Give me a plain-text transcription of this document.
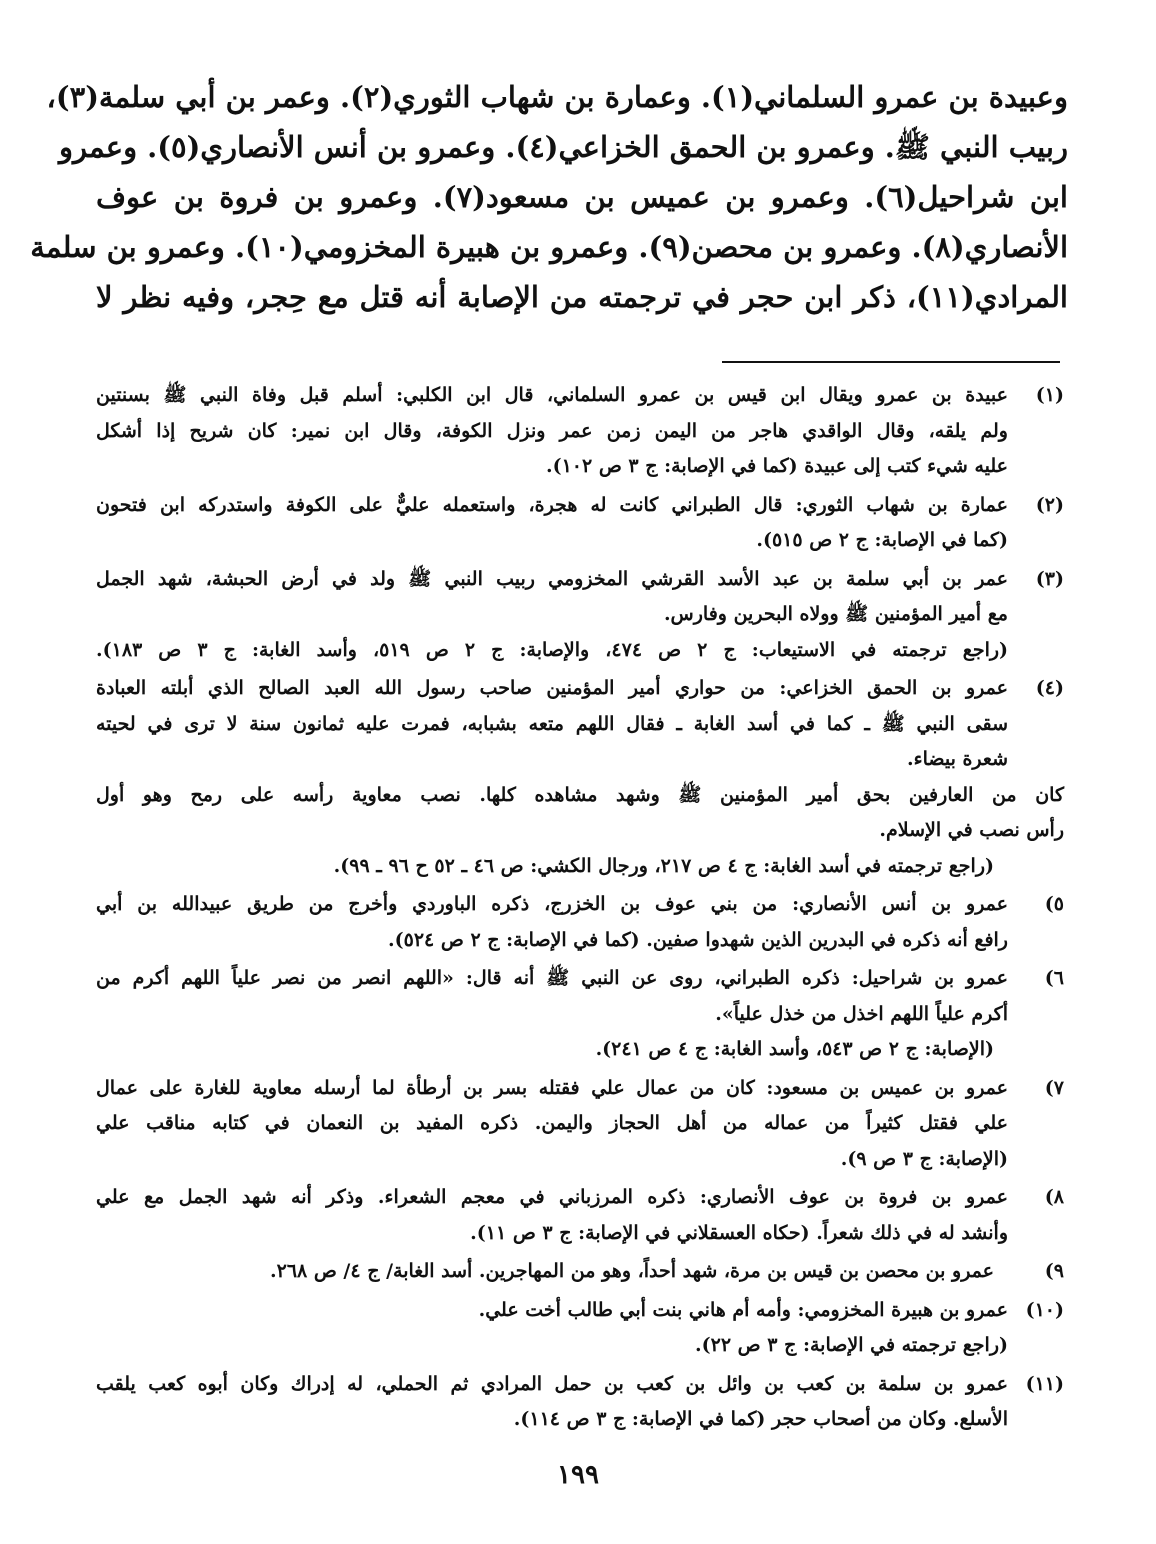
وعبيدة بن عمرو السلماني(١). وعمارة بن شهاب الثوري(٢). وعمر بن أبي سلمة(٣)،
ربيب النبي ﷺ. وعمرو بن الحمق الخزاعي(٤). وعمرو بن أنس الأنصاري(٥). وعمرو
ابن شراحيل(٦). وعمرو بن عميس بن مسعود(٧). وعمرو بن فروة بن عوف
الأنصاري(٨). وعمرو بن محصن(٩). وعمرو بن هبيرة المخزومي(١٠). وعمرو بن سلمة
المرادي(١١)، ذكر ابن حجر في ترجمته من الإصابة أنه قتل مع حِجر، وفيه نظر لا
(١)
عبيدة بن عمرو ويقال ابن قيس بن عمرو السلماني، قال ابن الكلبي: أسلم قبل وفاة النبي ﷺ بسنتين
ولم يلقه، وقال الواقدي هاجر من اليمن زمن عمر ونزل الكوفة، وقال ابن نمير: كان شريح إذا أشكل
عليه شيء كتب إلى عبيدة (كما في الإصابة: ج ٣ ص ١٠٢).
(٢)
عمارة بن شهاب الثوري: قال الطبراني كانت له هجرة، واستعمله عليٌّ على الكوفة واستدركه ابن فتحون
(كما في الإصابة: ج ٢ ص ٥١٥).
(٣)
عمر بن أبي سلمة بن عبد الأسد القرشي المخزومي ربيب النبي ﷺ ولد في أرض الحبشة، شهد الجمل
مع أمير المؤمنين ﷺ وولاه البحرين وفارس.
(راجع ترجمته في الاستيعاب: ج ٢ ص ٤٧٤، والإصابة: ج ٢ ص ٥١٩، وأسد الغابة: ج ٣ ص ١٨٣).
(٤)
عمرو بن الحمق الخزاعي: من حواري أمير المؤمنين صاحب رسول الله العبد الصالح الذي أبلته العبادة
سقى النبي ﷺ ـ كما في أسد الغابة ـ فقال اللهم متعه بشبابه، فمرت عليه ثمانون سنة لا ترى في لحيته
شعرة بيضاء.
كان من العارفين بحق أمير المؤمنين ﷺ وشهد مشاهده كلها. نصب معاوية رأسه على رمح وهو أول
رأس نصب في الإسلام.
(راجع ترجمته في أسد الغابة: ج ٤ ص ٢١٧، ورجال الكشي: ص ٤٦ ـ ٥٢ ح ٩٦ ـ ٩٩).
٥)
عمرو بن أنس الأنصاري: من بني عوف بن الخزرج، ذكره الباوردي وأخرج من طريق عبيدالله بن أبي
رافع أنه ذكره في البدرين الذين شهدوا صفين. (كما في الإصابة: ج ٢ ص ٥٢٤).
٦)
عمرو بن شراحيل: ذكره الطبراني، روى عن النبي ﷺ أنه قال: «اللهم انصر من نصر علياً اللهم أكرم من
أكرم علياً اللهم اخذل من خذل علياً».
(الإصابة: ج ٢ ص ٥٤٣، وأسد الغابة: ج ٤ ص ٢٤١).
٧)
عمرو بن عميس بن مسعود: كان من عمال علي فقتله بسر بن أرطأة لما أرسله معاوية للغارة على عمال
علي فقتل كثيراً من عماله من أهل الحجاز واليمن. ذكره المفيد بن النعمان في كتابه مناقب علي
(الإصابة: ج ٣ ص ٩).
٨)
عمرو بن فروة بن عوف الأنصاري: ذكره المرزباني في معجم الشعراء. وذكر أنه شهد الجمل مع علي
وأنشد له في ذلك شعراً. (حكاه العسقلاني في الإصابة: ج ٣ ص ١١).
٩)
عمرو بن محصن بن قيس بن مرة، شهد أحداً، وهو من المهاجرين. أسد الغابة/ ج ٤/ ص ٢٦٨.
(١٠)
عمرو بن هبيرة المخزومي: وأمه أم هاني بنت أبي طالب أخت علي.
(راجع ترجمته في الإصابة: ج ٣ ص ٢٢).
(١١)
عمرو بن سلمة بن كعب بن وائل بن كعب بن حمل المرادي ثم الحملي، له إدراك وكان أبوه كعب يلقب
الأسلع. وكان من أصحاب حجر (كما في الإصابة: ج ٣ ص ١١٤).
١٩٩
